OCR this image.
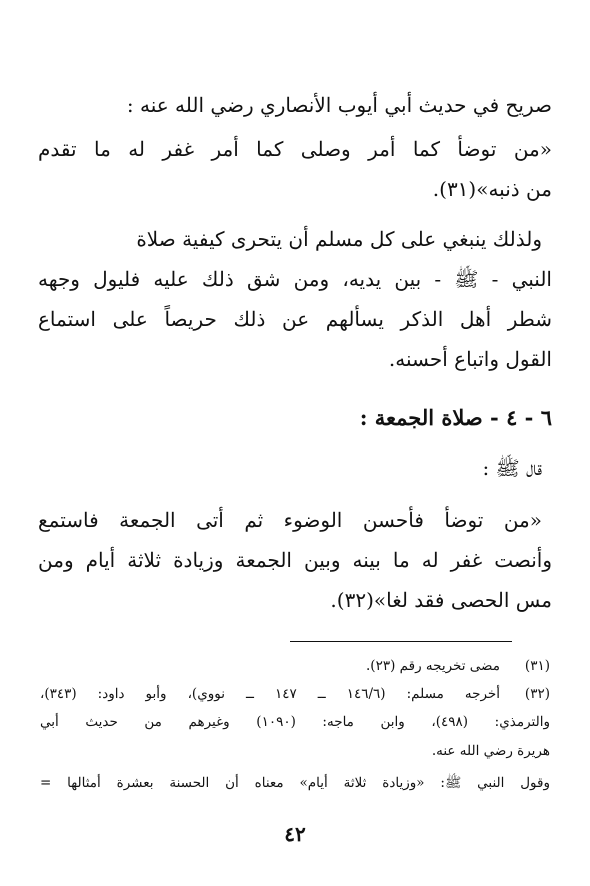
صريح في حديث أبي أيوب الأنصاري رضي الله عنه :
«من توضأ كما أمر وصلى كما أمر غفر له ما تقدم
من ذنبه»(٣١).
ولذلك ينبغي على كل مسلم أن يتحرى كيفية صلاة
النبي - ﷺ - بين يديه، ومن شق ذلك عليه فليول وجهه
شطر أهل الذكر يسألهم عن ذلك حريصاً على استماع
القول واتباع أحسنه.
٦ - ٤ - صلاة الجمعة :
قال ﷺ :
«من توضأ فأحسن الوضوء ثم أتى الجمعة فاستمع
وأنصت غفر له ما بينه وبين الجمعة وزيادة ثلاثة أيام ومن
مس الحصى فقد لغا»(٣٢).
(٣١)
مضى تخريجه رقم (٢٣).
(٣٢)
أخرجه مسلم: (١٤٦/٦ ــ ١٤٧ ــ نووي)، وأبو داود: (٣٤٣)،
والترمذي: (٤٩٨)، وابن ماجه: (١٠٩٠) وغيرهم من حديث أبي
هريرة رضي الله عنه.
وقول النبي ﷺ: «وزيادة ثلاثة أيام» معناه أن الحسنة بعشرة أمثالها =
٤٢
